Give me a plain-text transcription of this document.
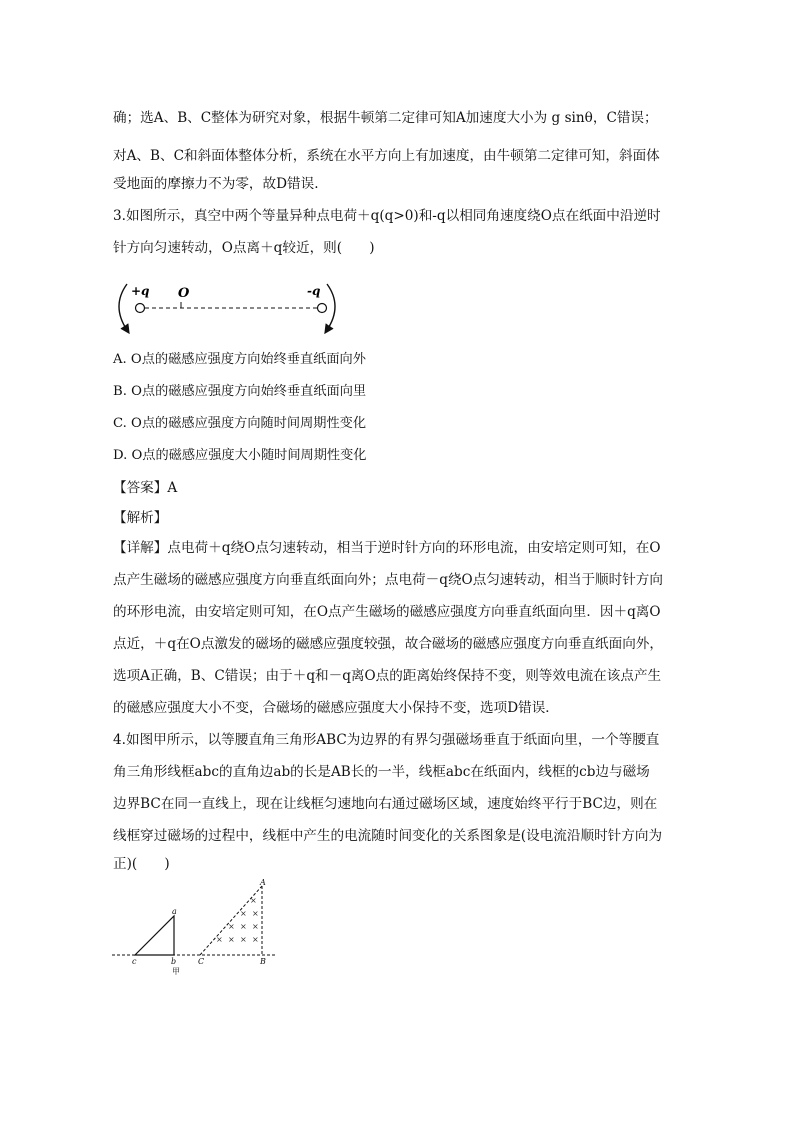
确；选A、B、C整体为研究对象，根据牛顿第二定律可知A加速度大小为 g sinθ，C错误；
对A、B、C和斜面体整体分析，系统在水平方向上有加速度，由牛顿第二定律可知，斜面体
受地面的摩擦力不为零，故D错误.
3.如图所示，真空中两个等量异种点电荷＋q(q>0)和-q以相同角速度绕O点在纸面中沿逆时
针方向匀速转动，O点离＋q较近，则(　　)
+q O	-q
A. O点的磁感应强度方向始终垂直纸面向外
B. O点的磁感应强度方向始终垂直纸面向里
C. O点的磁感应强度方向随时间周期性变化
D. O点的磁感应强度大小随时间周期性变化
【答案】A
【解析】
【详解】点电荷＋q绕O点匀速转动，相当于逆时针方向的环形电流，由安培定则可知，在O
点产生磁场的磁感应强度方向垂直纸面向外；点电荷－q绕O点匀速转动，相当于顺时针方向
的环形电流，由安培定则可知，在O点产生磁场的磁感应强度方向垂直纸面向里．因＋q离O
点近，＋q在O点激发的磁场的磁感应强度较强，故合磁场的磁感应强度方向垂直纸面向外，
选项A正确，B、C错误；由于＋q和－q离O点的距离始终保持不变，则等效电流在该点产生
的磁感应强度大小不变，合磁场的磁感应强度大小保持不变，选项D错误．
4.如图甲所示，以等腰直角三角形ABC为边界的有界匀强磁场垂直于纸面向里，一个等腰直
角三角形线框abc的直角边ab的长是AB长的一半，线框abc在纸面内，线框的cb边与磁场
边界BC在同一直线上，现在让线框匀速地向右通过磁场区域，速度始终平行于BC边，则在
线框穿过磁场的过程中，线框中产生的电流随时间变化的关系图象是(设电流沿顺时针方向为
正)(　　)
×
× ×
× × ×
× × × ×
a
b
c
A
B
C
甲
